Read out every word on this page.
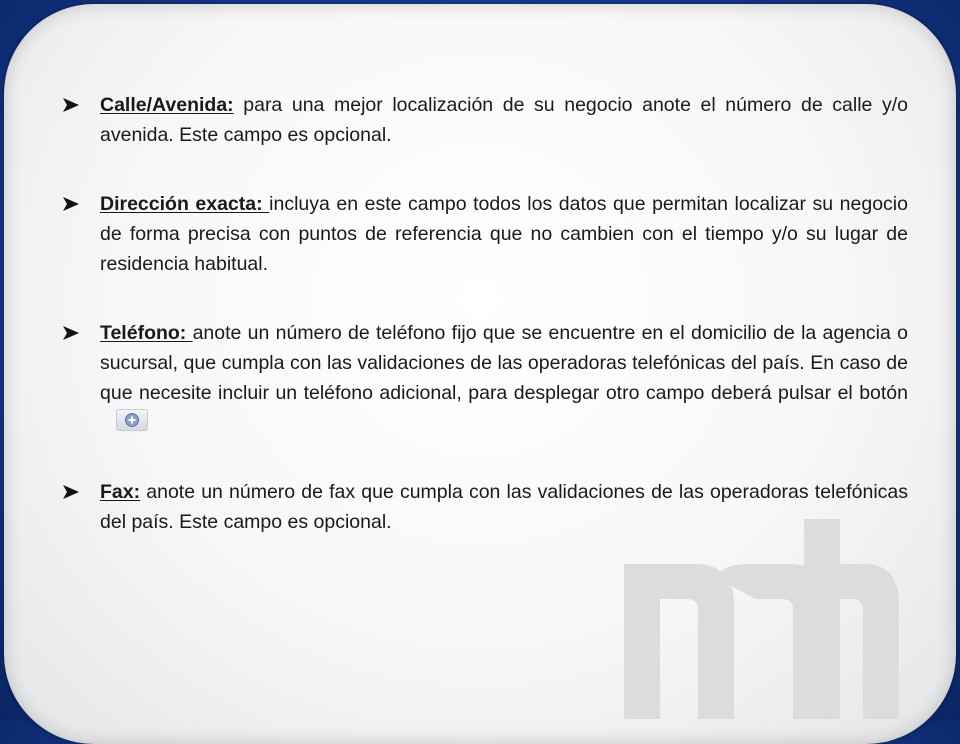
Calle/Avenida: para una mejor localización de su negocio anote el número de calle y/o avenida. Este campo es opcional.
Dirección exacta: incluya en este campo todos los datos que permitan localizar su negocio de forma precisa con puntos de referencia que no cambien con el tiempo y/o su lugar de residencia habitual.
Teléfono: anote un número de teléfono fijo que se encuentre en el domicilio de la agencia o sucursal, que cumpla con las validaciones de las operadoras telefónicas del país. En caso de que necesite incluir un teléfono adicional, para desplegar otro campo deberá pulsar el botón
Fax: anote un número de fax que cumpla con las validaciones de las operadoras telefónicas del país. Este campo es opcional.
